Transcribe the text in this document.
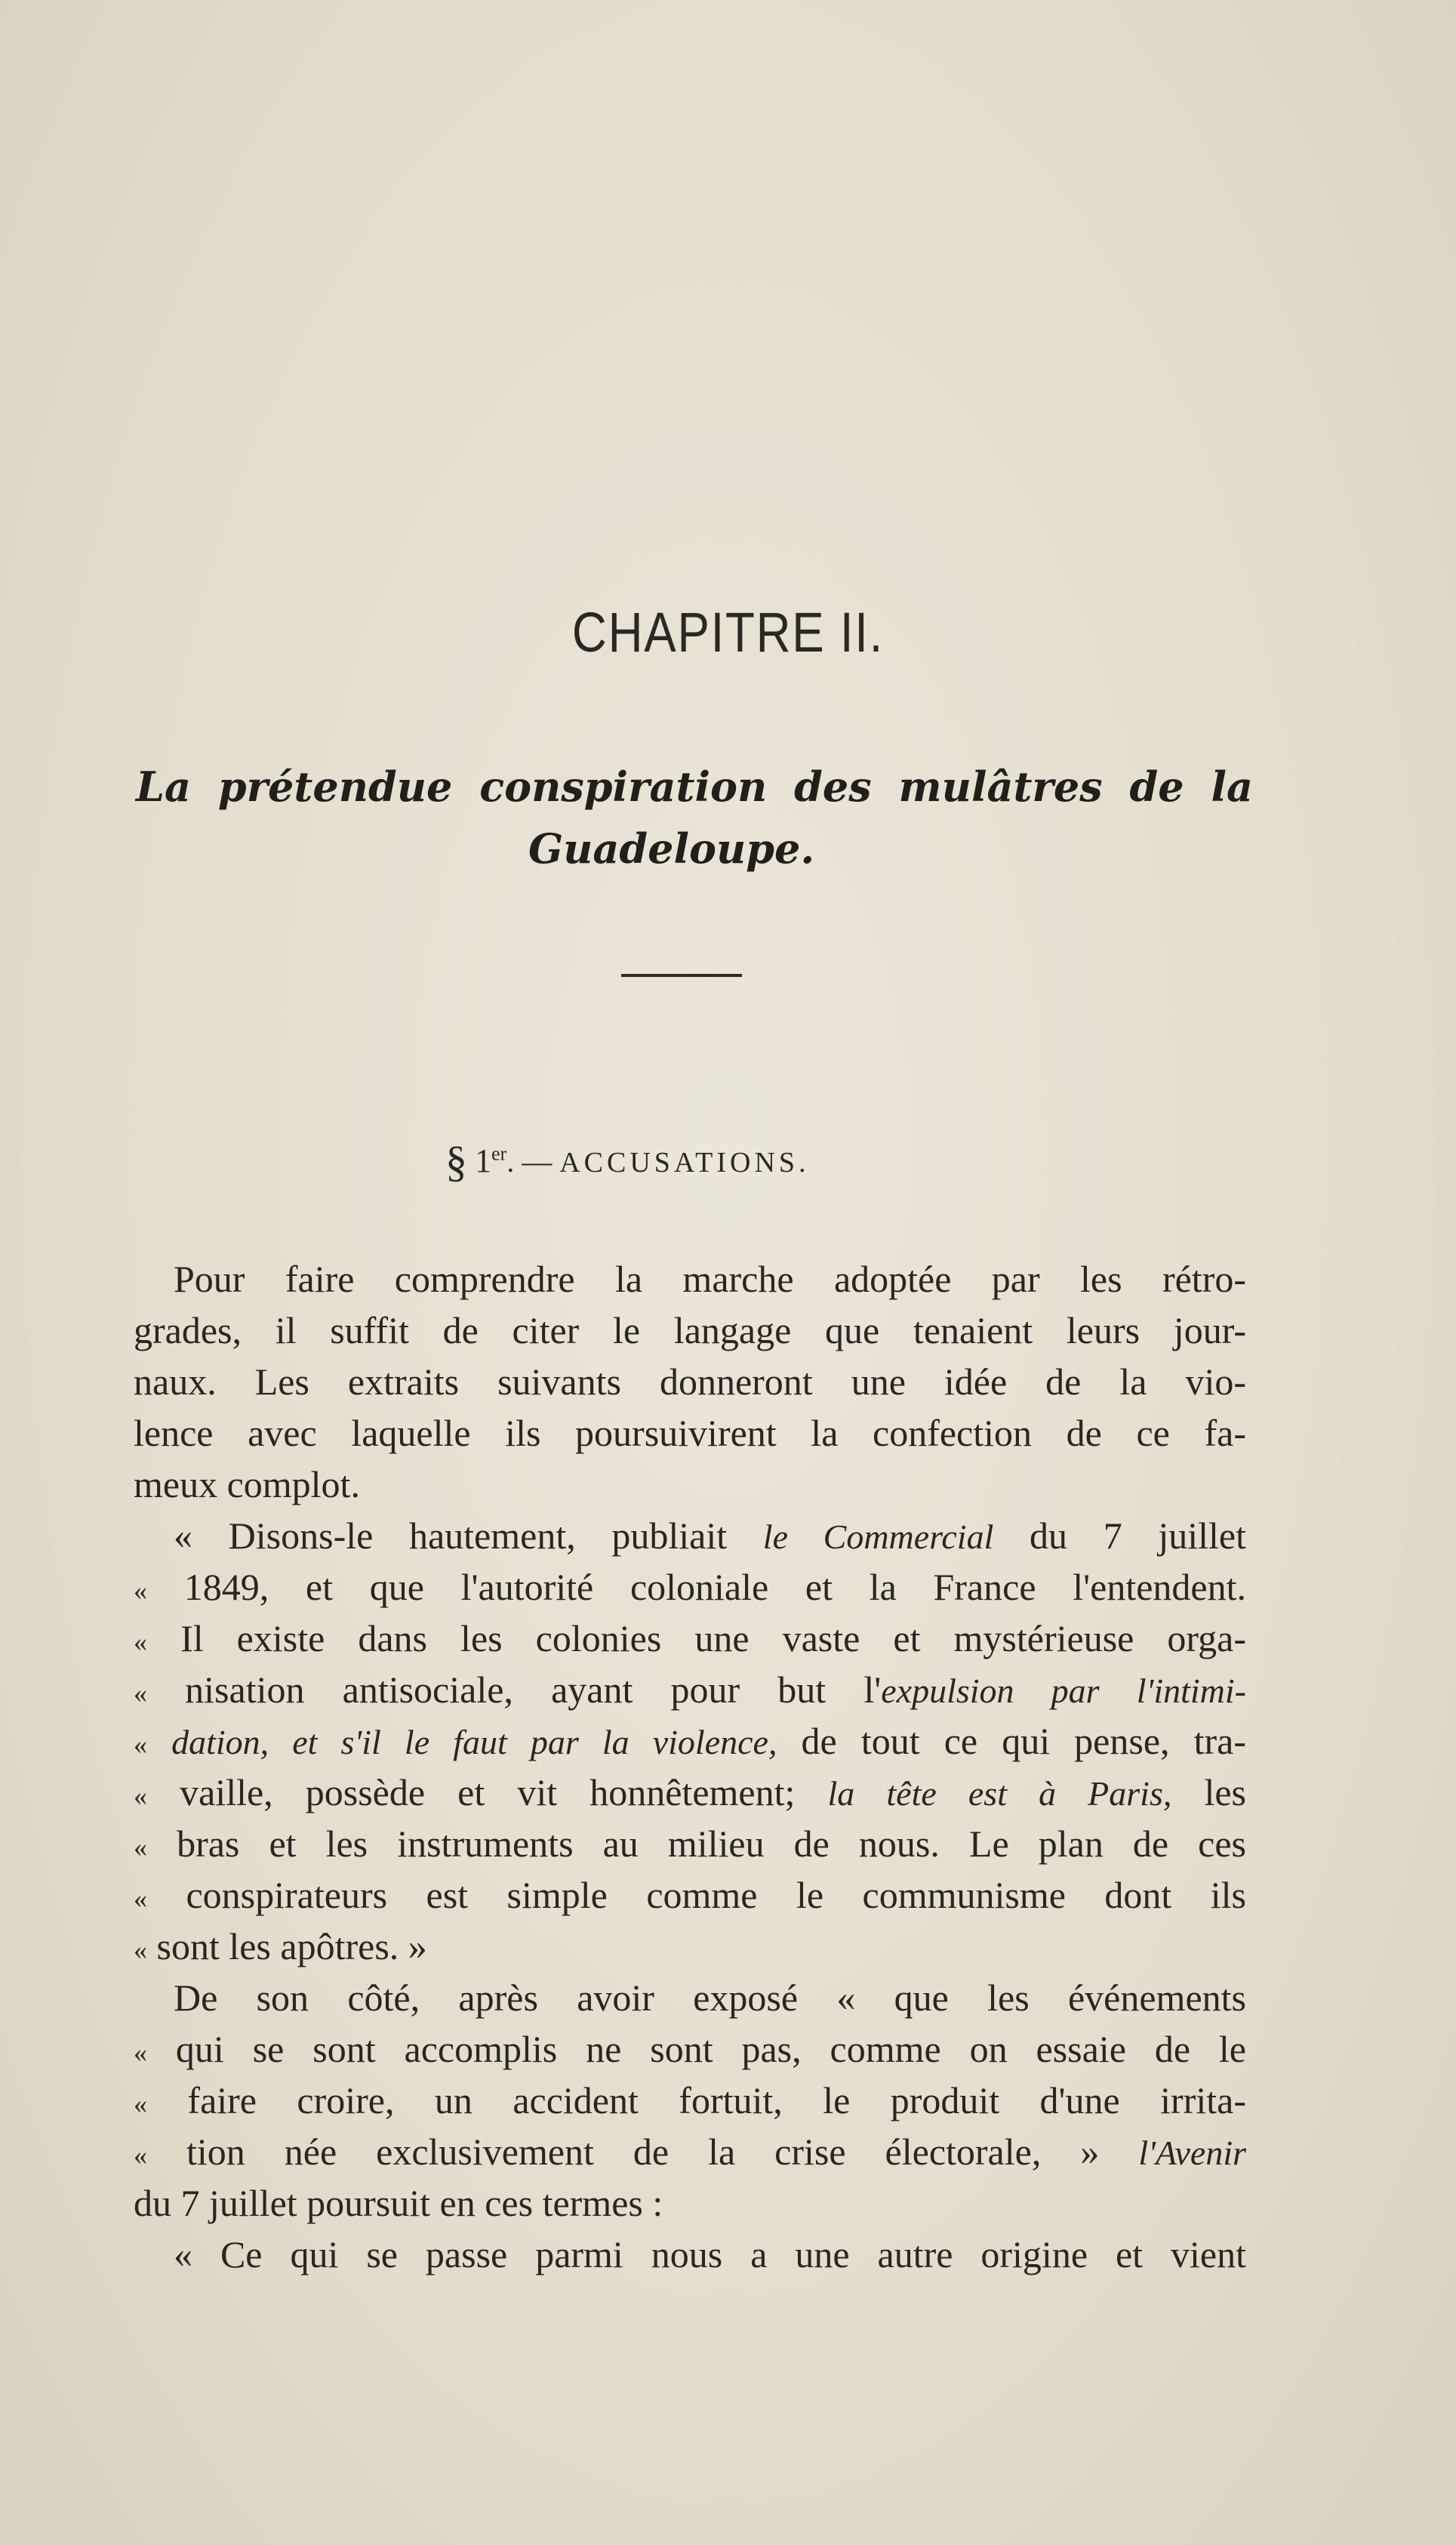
CHAPITRE II.
La prétendue conspiration des mulâtres de la
Guadeloupe.
§ 1er. — ACCUSATIONS.
Pour faire comprendre la marche adoptée par les rétro-
grades, il suffit de citer le langage que tenaient leurs jour-
naux. Les extraits suivants donneront une idée de la vio-
lence avec laquelle ils poursuivirent la confection de ce fa-
meux complot.
« Disons-le hautement, publiait le Commercial du 7 juillet
« 1849, et que l'autorité coloniale et la France l'entendent.
« Il existe dans les colonies une vaste et mystérieuse orga-
« nisation antisociale, ayant pour but l'expulsion par l'intimi-
« dation, et s'il le faut par la violence, de tout ce qui pense, tra-
« vaille, possède et vit honnêtement; la tête est à Paris, les
« bras et les instruments au milieu de nous. Le plan de ces
« conspirateurs est simple comme le communisme dont ils
« sont les apôtres. »
De son côté, après avoir exposé « que les événements
« qui se sont accomplis ne sont pas, comme on essaie de le
« faire croire, un accident fortuit, le produit d'une irrita-
« tion née exclusivement de la crise électorale, » l'Avenir
du 7 juillet poursuit en ces termes :
« Ce qui se passe parmi nous a une autre origine et vient
